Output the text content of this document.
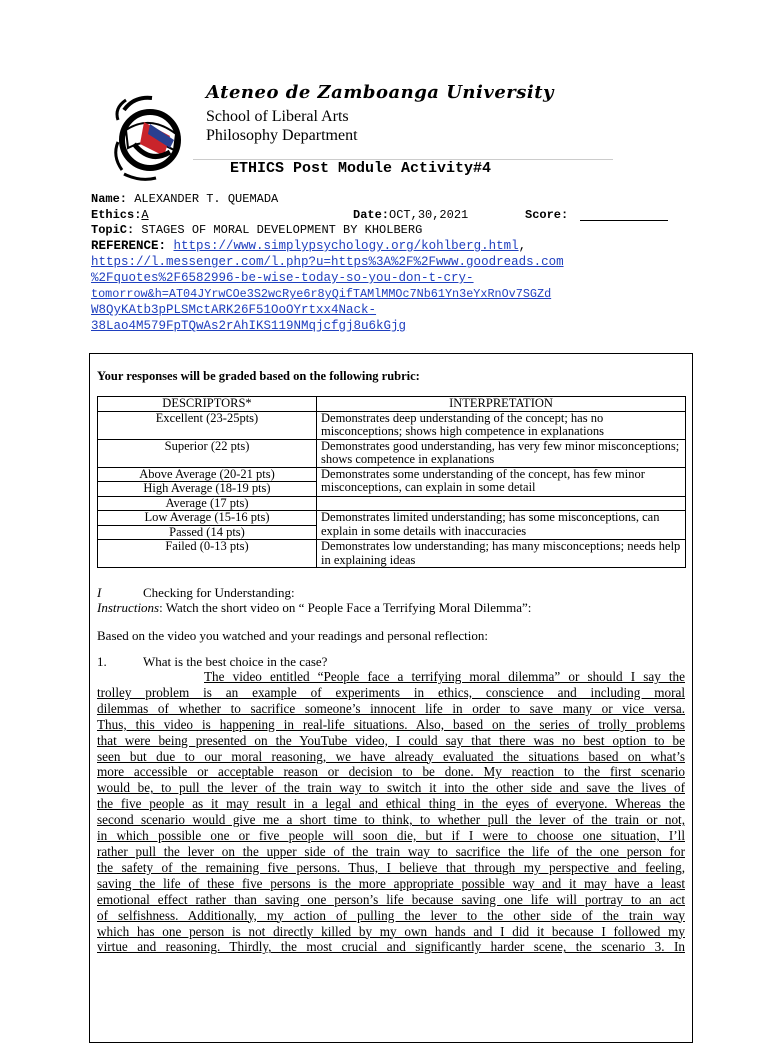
Ateneo de Zamboanga University
School of Liberal Arts
Philosophy Department
ETHICS Post Module Activity#4
Name: ALEXANDER T. QUEMADA
Ethics:A	Date:OCT,30,2021	Score:
TopiC: STAGES OF MORAL DEVELOPMENT BY KHOLBERG
REFERENCE: https://www.simplypsychology.org/kohlberg.html,
https://l.messenger.com/l.php?u=https%3A%2F%2Fwww.goodreads.com
%2Fquotes%2F6582996-be-wise-today-so-you-don-t-cry-
tomorrow&h=AT04JYrwCOe3S2wcRye6r8yQifTAMlMMOc7Nb61Yn3eYxRnOv7SGZd
W8QyKAtb3pPLSMctARK26F51OoOYrtxx4Nack-
38Lao4M579FpTQwAs2rAhIKS119NMqjcfgj8u6kGjg
Your responses will be graded based on the following rubric:
DESCRIPTORS*	INTERPRETATION
Excellent (23-25pts)	Demonstrates deep understanding of the concept; has no misconceptions; shows high competence in explanations
Superior (22 pts)	Demonstrates good understanding, has very few minor misconceptions; shows competence in explanations
Above Average (20-21 pts)	Demonstrates some understanding of the concept, has few minor misconceptions, can explain in some detail
High Average (18-19 pts)	
Average (17 pts)	
Low Average (15-16 pts)	Demonstrates limited understanding; has some misconceptions, can explain in some details with inaccuracies
Passed (14 pts)	
Failed (0-13 pts)	Demonstrates low understanding; has many misconceptions; needs help in explaining ideas
I	Checking for Understanding:
Instructions: Watch the short video on “ People Face a Terrifying Moral Dilemma”:
Based on the video you watched and your readings and personal reflection:
1.	What is the best choice in the case?
The video entitled “People face a terrifying moral dilemma” or should I say the
trolley problem is an example of experiments in ethics, conscience and including moral
dilemmas of whether to sacrifice someone’s innocent life in order to save many or vice versa.
Thus, this video is happening in real-life situations. Also, based on the series of trolly problems
that were being presented on the YouTube video, I could say that there was no best option to be
seen but due to our moral reasoning, we have already evaluated the situations based on what’s
more accessible or acceptable reason or decision to be done. My reaction to the first scenario
would be, to pull the lever of the train way to switch it into the other side and save the lives of
the five people as it may result in a legal and ethical thing in the eyes of everyone. Whereas the
second scenario would give me a short time to think, to whether pull the lever of the train or not,
in which possible one or five people will soon die, but if I were to choose one situation, I’ll
rather pull the lever on the upper side of the train way to sacrifice the life of the one person for
the safety of the remaining five persons. Thus, I believe that through my perspective and feeling,
saving the life of these five persons is the more appropriate possible way and it may have a least
emotional effect rather than saving one person’s life because saving one life will portray to an act
of selfishness. Additionally, my action of pulling the lever to the other side of the train way
which has one person is not directly killed by my own hands and I did it because I followed my
virtue and reasoning. Thirdly, the most crucial and significantly harder scene, the scenario 3. In
